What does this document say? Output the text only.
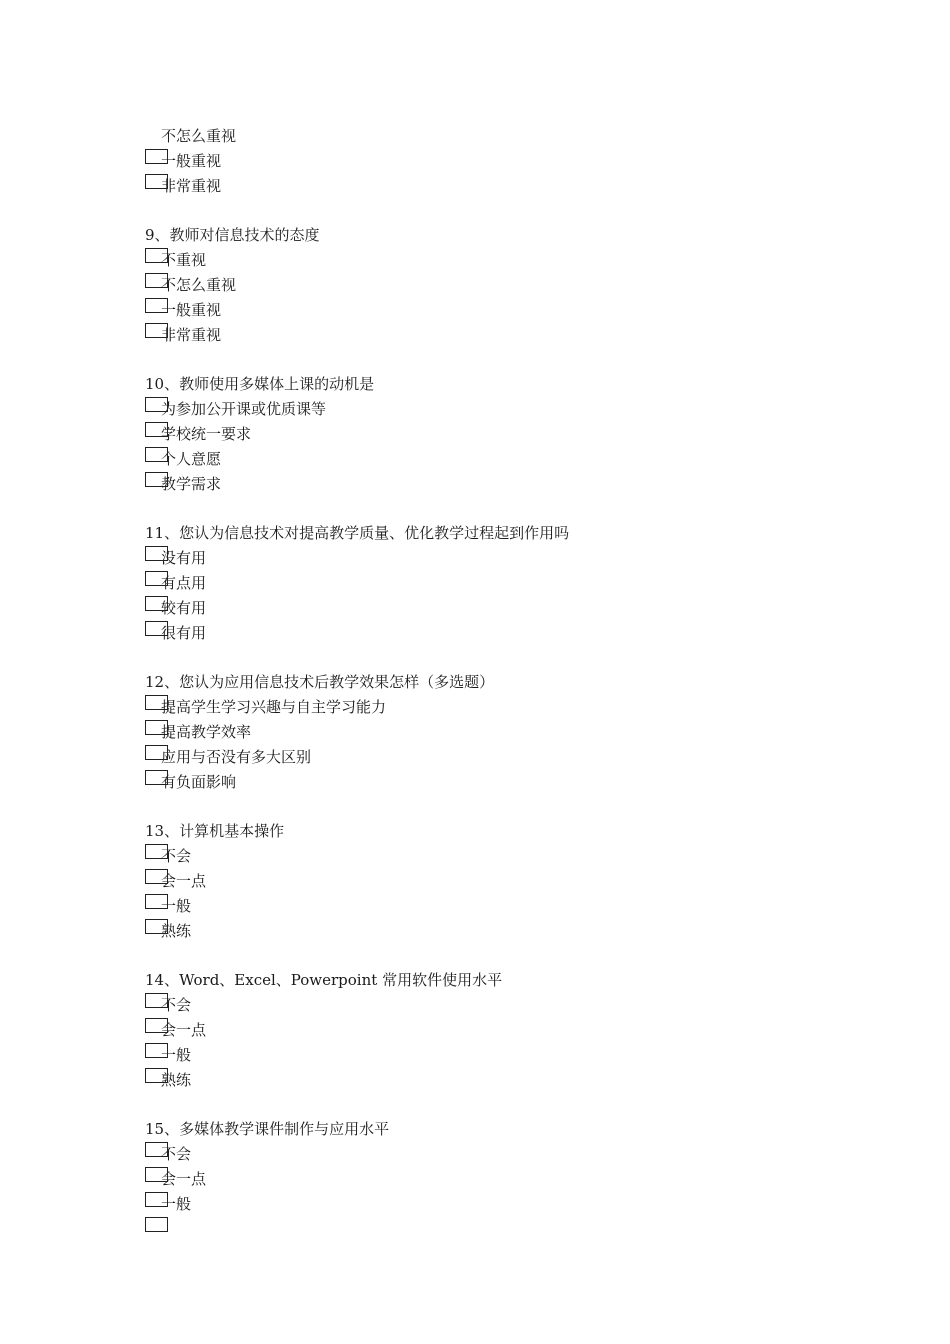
不怎么重视
一般重视
非常重视
9、教师对信息技术的态度
不重视
不怎么重视
一般重视
非常重视
10、教师使用多媒体上课的动机是
为参加公开课或优质课等
学校统一要求
个人意愿
教学需求
11、您认为信息技术对提高教学质量、优化教学过程起到作用吗
没有用
有点用
较有用
很有用
12、您认为应用信息技术后教学效果怎样（多选题）
提高学生学习兴趣与自主学习能力
提高教学效率
应用与否没有多大区别
有负面影响
13、计算机基本操作
不会
会一点
一般
熟练
14、Word、Excel、Powerpoint 常用软件使用水平
不会
会一点
一般
熟练
15、多媒体教学课件制作与应用水平
不会
会一点
一般
